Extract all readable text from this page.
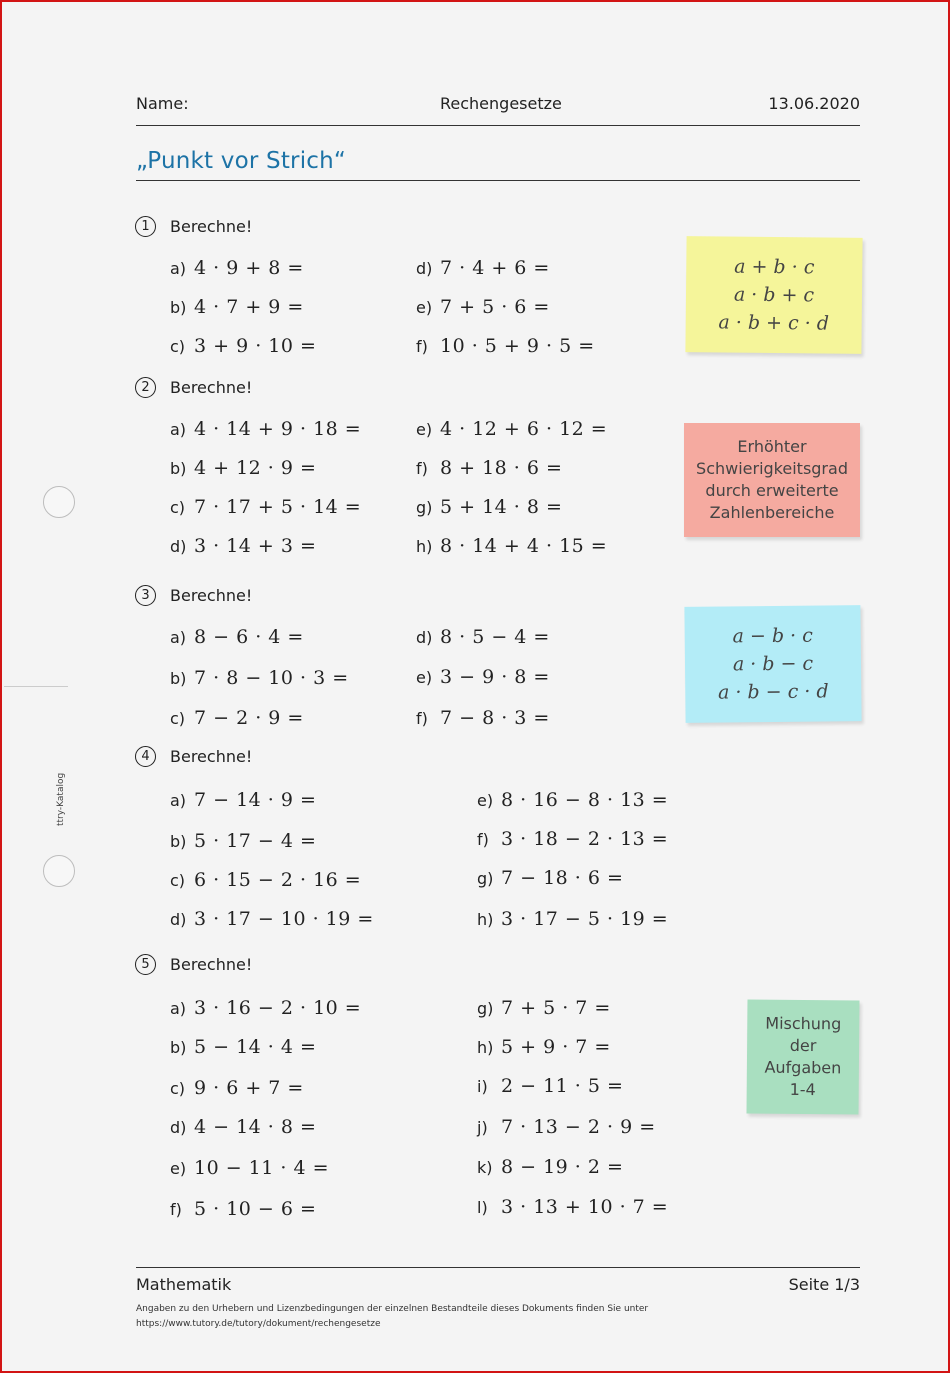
ttry-Katalog
Name:	Rechengesetze	13.06.2020
„Punkt vor Strich“
1	Berechne!
a) 4 · 9 + 8 =
b) 4 · 7 + 9 =
c) 3 + 9 · 10 =
d) 7 · 4 + 6 =
e) 7 + 5 · 6 =
f) 10 · 5 + 9 · 5 =
2	Berechne!
a) 4 · 14 + 9 · 18 =
b) 4 + 12 · 9 =
c) 7 · 17 + 5 · 14 =
d) 3 · 14 + 3 =
e) 4 · 12 + 6 · 12 =
f) 8 + 18 · 6 =
g) 5 + 14 · 8 =
h) 8 · 14 + 4 · 15 =
3	Berechne!
a) 8 − 6 · 4 =
b) 7 · 8 − 10 · 3 =
c) 7 − 2 · 9 =
d) 8 · 5 − 4 =
e) 3 − 9 · 8 =
f) 7 − 8 · 3 =
4	Berechne!
a) 7 − 14 · 9 =
b) 5 · 17 − 4 =
c) 6 · 15 − 2 · 16 =
d) 3 · 17 − 10 · 19 =
e) 8 · 16 − 8 · 13 =
f) 3 · 18 − 2 · 13 =
g) 7 − 18 · 6 =
h) 3 · 17 − 5 · 19 =
5	Berechne!
a) 3 · 16 − 2 · 10 =
b) 5 − 14 · 4 =
c) 9 · 6 + 7 =
d) 4 − 14 · 8 =
e) 10 − 11 · 4 =
f) 5 · 10 − 6 =
g) 7 + 5 · 7 =
h) 5 + 9 · 7 =
i) 2 − 11 · 5 =
j) 7 · 13 − 2 · 9 =
k) 8 − 19 · 2 =
l) 3 · 13 + 10 · 7 =
a + b · c
a · b + c
a · b + c · d
Erhöhter
Schwierigkeitsgrad
durch erweiterte
Zahlenbereiche
a − b · c
a · b − c
a · b − c · d
Mischung
der
Aufgaben
1-4
Mathematik	Seite 1/3
Angaben zu den Urhebern und Lizenzbedingungen der einzelnen Bestandteile dieses Dokuments finden Sie unter
https://www.tutory.de/tutory/dokument/rechengesetze
